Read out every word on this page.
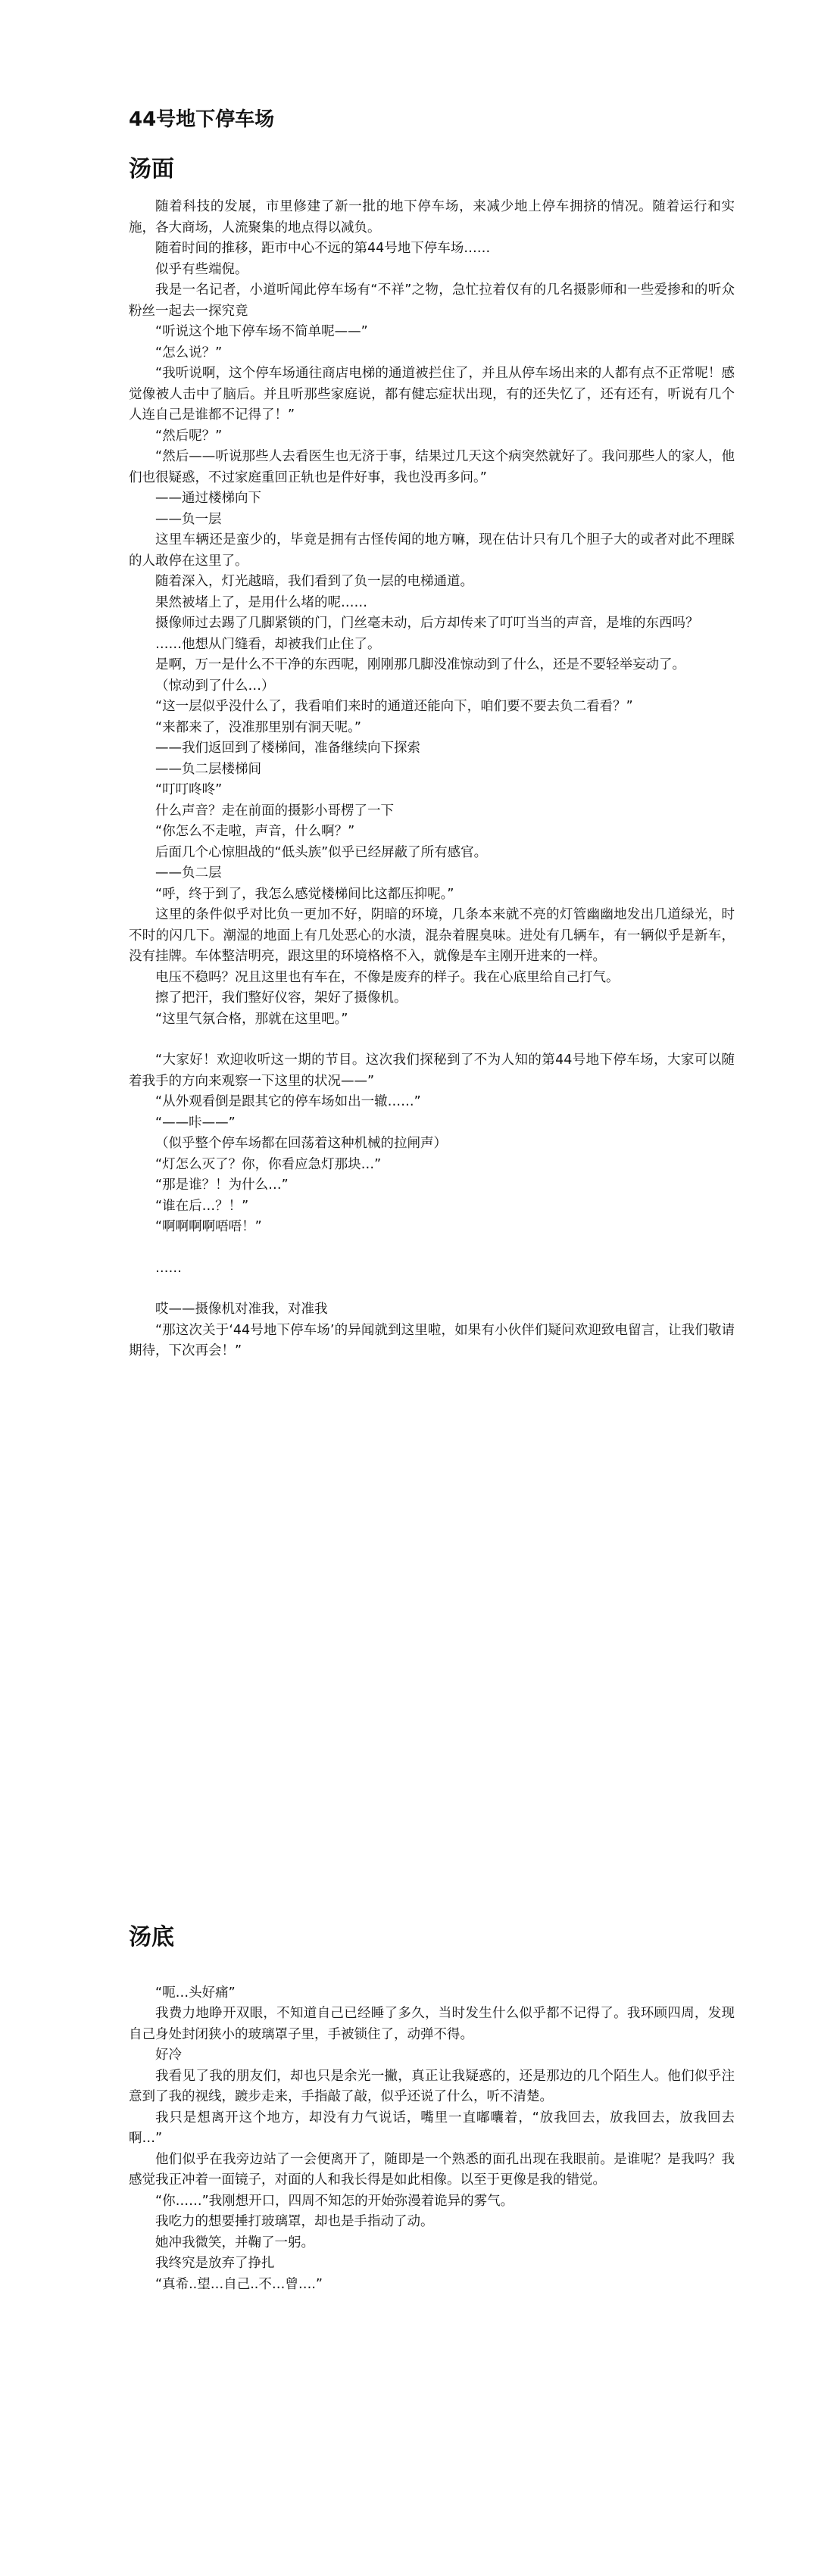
44号地下停车场
汤面
随着科技的发展，市里修建了新一批的地下停车场，来减少地上停车拥挤的情况。随着运行和实施，各大商场，人流聚集的地点得以减负。
随着时间的推移，距市中心不远的第44号地下停车场……
似乎有些端倪。
我是一名记者，小道听闻此停车场有“不祥”之物，急忙拉着仅有的几名摄影师和一些爱掺和的听众粉丝一起去一探究竟
“听说这个地下停车场不简单呢——”
“怎么说？”
“我听说啊，这个停车场通往商店电梯的通道被拦住了，并且从停车场出来的人都有点不正常呢！感觉像被人击中了脑后。并且听那些家庭说，都有健忘症状出现，有的还失忆了，还有还有，听说有几个人连自己是谁都不记得了！”
“然后呢？”
“然后——听说那些人去看医生也无济于事，结果过几天这个病突然就好了。我问那些人的家人，他们也很疑惑，不过家庭重回正轨也是件好事，我也没再多问。”
——通过楼梯向下
——负一层
这里车辆还是蛮少的，毕竟是拥有古怪传闻的地方嘛，现在估计只有几个胆子大的或者对此不理睬的人敢停在这里了。
随着深入，灯光越暗，我们看到了负一层的电梯通道。
果然被堵上了，是用什么堵的呢……
摄像师过去踢了几脚紧锁的门，门丝毫未动，后方却传来了叮叮当当的声音，是堆的东西吗？
……他想从门缝看，却被我们止住了。
是啊，万一是什么不干净的东西呢，刚刚那几脚没准惊动到了什么，还是不要轻举妄动了。
（惊动到了什么…）
“这一层似乎没什么了，我看咱们来时的通道还能向下，咱们要不要去负二看看？”
“来都来了，没准那里别有洞天呢。”
——我们返回到了楼梯间，准备继续向下探索
——负二层楼梯间
“叮叮咚咚”
什么声音？走在前面的摄影小哥楞了一下
“你怎么不走啦，声音，什么啊？”
后面几个心惊胆战的“低头族”似乎已经屏蔽了所有感官。
——负二层
“呼，终于到了，我怎么感觉楼梯间比这都压抑呢。”
这里的条件似乎对比负一更加不好，阴暗的环境，几条本来就不亮的灯管幽幽地发出几道绿光，时不时的闪几下。潮湿的地面上有几处恶心的水渍，混杂着腥臭味。进处有几辆车，有一辆似乎是新车，没有挂牌。车体整洁明亮，跟这里的环境格格不入，就像是车主刚开进来的一样。
电压不稳吗？况且这里也有车在，不像是废弃的样子。我在心底里给自己打气。
擦了把汗，我们整好仪容，架好了摄像机。
“这里气氛合格，那就在这里吧。”
“大家好！欢迎收听这一期的节目。这次我们探秘到了不为人知的第44号地下停车场，大家可以随着我手的方向来观察一下这里的状况——”
“从外观看倒是跟其它的停车场如出一辙……”
“——咔——”
（似乎整个停车场都在回荡着这种机械的拉闸声）
“灯怎么灭了？你，你看应急灯那块…”
“那是谁？！为什么…”
“谁在后…？！”
“啊啊啊啊唔唔！”
……
哎——摄像机对准我，对准我
“那这次关于‘44号地下停车场’的异闻就到这里啦，如果有小伙伴们疑问欢迎致电留言，让我们敬请期待，下次再会！”
汤底
“呃…头好痛”
我费力地睁开双眼，不知道自己已经睡了多久，当时发生什么似乎都不记得了。我环顾四周，发现自己身处封闭狭小的玻璃罩子里，手被锁住了，动弹不得。
好冷
我看见了我的朋友们，却也只是余光一撇，真正让我疑惑的，还是那边的几个陌生人。他们似乎注意到了我的视线，踱步走来，手指敲了敲，似乎还说了什么，听不清楚。
我只是想离开这个地方，却没有力气说话，嘴里一直嘟囔着，“放我回去，放我回去，放我回去啊…”
他们似乎在我旁边站了一会便离开了，随即是一个熟悉的面孔出现在我眼前。是谁呢？是我吗？我感觉我正冲着一面镜子，对面的人和我长得是如此相像。以至于更像是我的错觉。
“你……”我刚想开口，四周不知怎的开始弥漫着诡异的雾气。
我吃力的想要捶打玻璃罩，却也是手指动了动。
她冲我微笑，并鞠了一躬。
我终究是放弃了挣扎
“真希..望…自己..不…曾….”
